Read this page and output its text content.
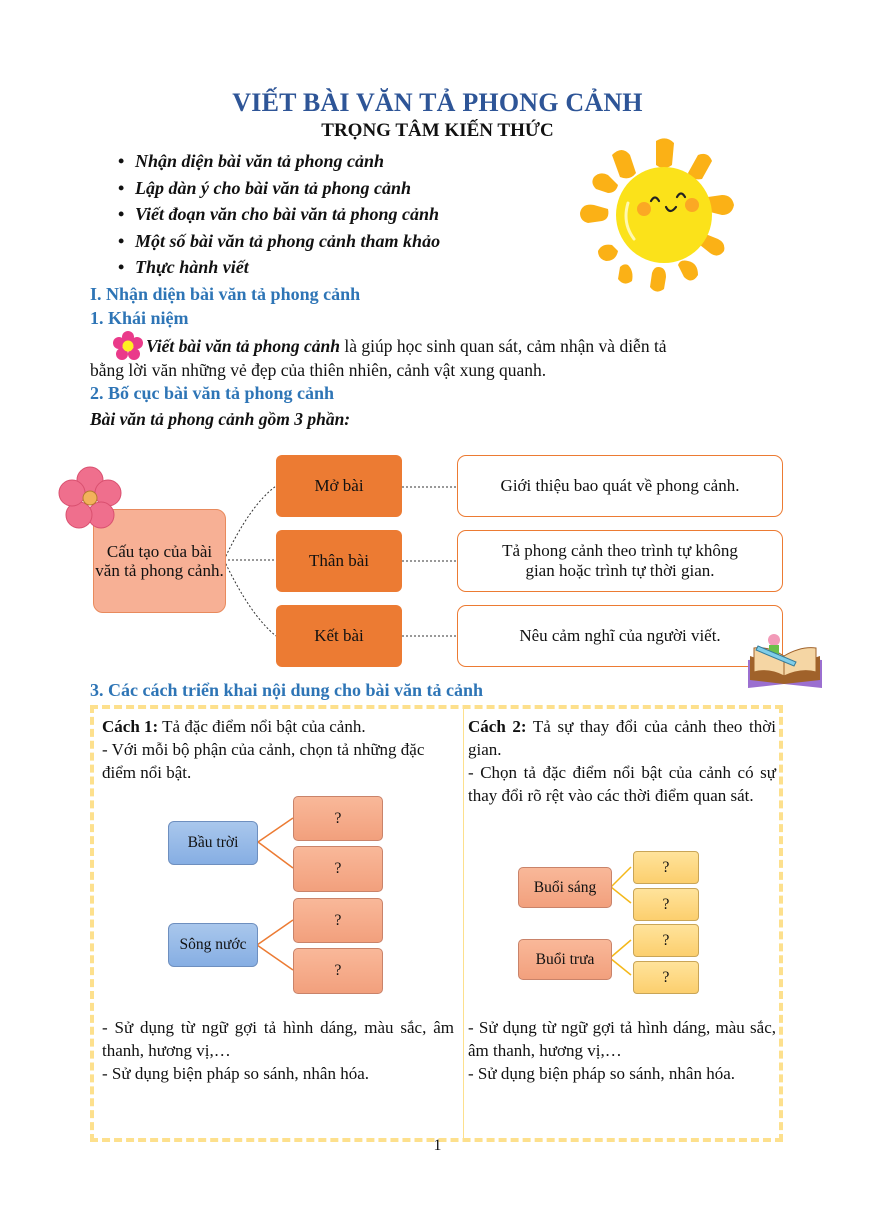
VIẾT BÀI VĂN TẢ PHONG CẢNH
TRỌNG TÂM KIẾN THỨC
• Nhận diện bài văn tả phong cảnh
• Lập dàn ý cho bài văn tả phong cảnh
• Viết đoạn văn cho bài văn tả phong cảnh
• Một số bài văn tả phong cảnh tham khảo
• Thực hành viết
I. Nhận diện bài văn tả phong cảnh
1. Khái niệm
Viết bài văn tả phong cảnh là giúp học sinh quan sát, cảm nhận và diễn tả
bằng lời văn những vẻ đẹp của thiên nhiên, cảnh vật xung quanh.
2. Bố cục bài văn tả phong cảnh
Bài văn tả phong cảnh gồm 3 phần:
Cấu tạo của bài văn tả phong cảnh.
Mở bài
Thân bài
Kết bài
Giới thiệu bao quát về phong cảnh.
Tả phong cảnh theo trình tự không gian hoặc trình tự thời gian.
Nêu cảm nghĩ của người viết.
3. Các cách triển khai nội dung cho bài văn tả cảnh
Cách 1: Tả đặc điểm nổi bật của cảnh.
- Với mỗi bộ phận của cảnh, chọn tả những đặc điểm nổi bật.
Cách 2: Tả sự thay đổi của cảnh theo thời gian.
- Chọn tả đặc điểm nổi bật của cảnh có sự thay đổi rõ rệt vào các thời điểm quan sát.
- Sử dụng từ ngữ gợi tả hình dáng, màu sắc, âm thanh, hương vị,…
- Sử dụng biện pháp so sánh, nhân hóa.
- Sử dụng từ ngữ gợi tả hình dáng, màu sắc, âm thanh, hương vị,…
- Sử dụng biện pháp so sánh, nhân hóa.
Bầu trời
?
?
Sông nước
?
?
Buổi sáng
?
?
Buổi trưa
?
?
1
